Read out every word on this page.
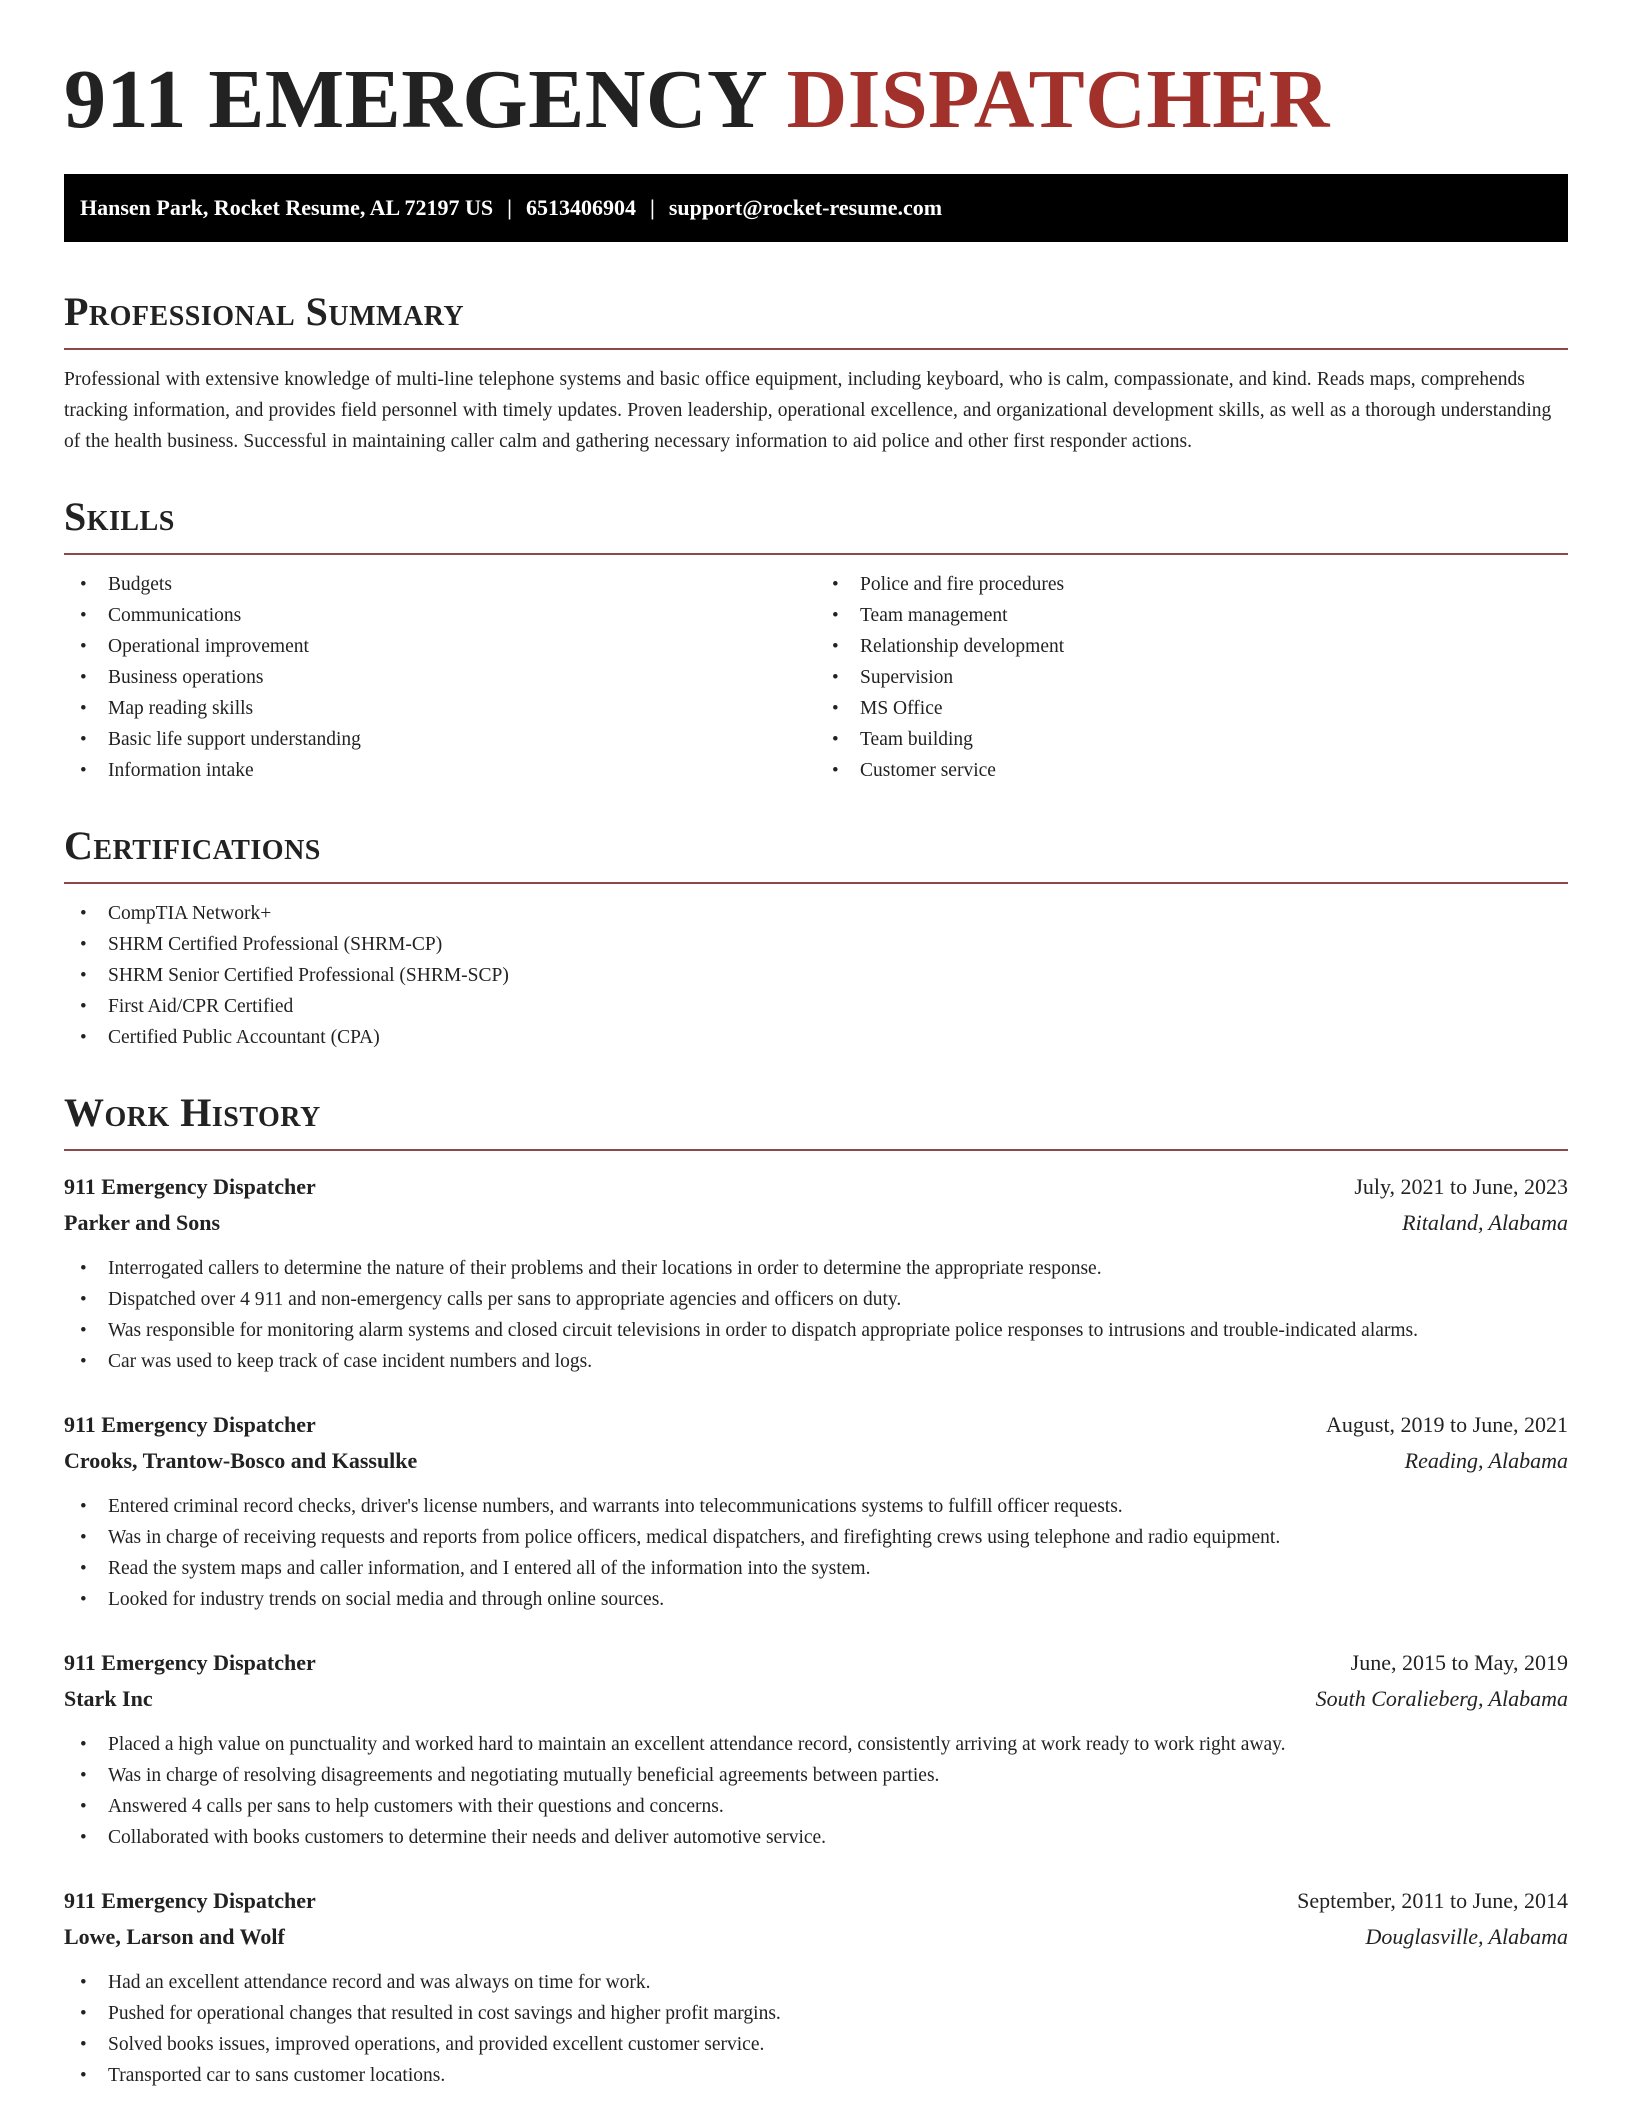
911 EMERGENCY DISPATCHER
Hansen Park, Rocket Resume, AL 72197 US | 6513406904 | support@rocket-resume.com
Professional Summary

Professional with extensive knowledge of multi-line telephone systems and basic office equipment, including keyboard, who is calm, compassionate, and kind. Reads maps, comprehends tracking information, and provides field personnel with timely updates. Proven leadership, operational excellence, and organizational development skills, as well as a thorough understanding of the health business. Successful in maintaining caller calm and gathering necessary information to aid police and other first responder actions.

Skills
• Budgets
• Communications
• Operational improvement
• Business operations
• Map reading skills
• Basic life support understanding
• Information intake
• Police and fire procedures
• Team management
• Relationship development
• Supervision
• MS Office
• Team building
• Customer service
Certifications
• CompTIA Network+
• SHRM Certified Professional (SHRM-CP)
• SHRM Senior Certified Professional (SHRM-SCP)
• First Aid/CPR Certified
• Certified Public Accountant (CPA)
Work History
911 Emergency Dispatcher	July, 2021 to June, 2023
Parker and Sons	Ritaland, Alabama
• Interrogated callers to determine the nature of their problems and their locations in order to determine the appropriate response.
• Dispatched over 4 911 and non-emergency calls per sans to appropriate agencies and officers on duty.
• Was responsible for monitoring alarm systems and closed circuit televisions in order to dispatch appropriate police responses to intrusions and trouble-indicated alarms.
• Car was used to keep track of case incident numbers and logs.
911 Emergency Dispatcher	August, 2019 to June, 2021
Crooks, Trantow-Bosco and Kassulke	Reading, Alabama
• Entered criminal record checks, driver's license numbers, and warrants into telecommunications systems to fulfill officer requests.
• Was in charge of receiving requests and reports from police officers, medical dispatchers, and firefighting crews using telephone and radio equipment.
• Read the system maps and caller information, and I entered all of the information into the system.
• Looked for industry trends on social media and through online sources.
911 Emergency Dispatcher	June, 2015 to May, 2019
Stark Inc	South Coralieberg, Alabama
• Placed a high value on punctuality and worked hard to maintain an excellent attendance record, consistently arriving at work ready to work right away.
• Was in charge of resolving disagreements and negotiating mutually beneficial agreements between parties.
• Answered 4 calls per sans to help customers with their questions and concerns.
• Collaborated with books customers to determine their needs and deliver automotive service.
911 Emergency Dispatcher	September, 2011 to June, 2014
Lowe, Larson and Wolf	Douglasville, Alabama
• Had an excellent attendance record and was always on time for work.
• Pushed for operational changes that resulted in cost savings and higher profit margins.
• Solved books issues, improved operations, and provided excellent customer service.
• Transported car to sans customer locations.
